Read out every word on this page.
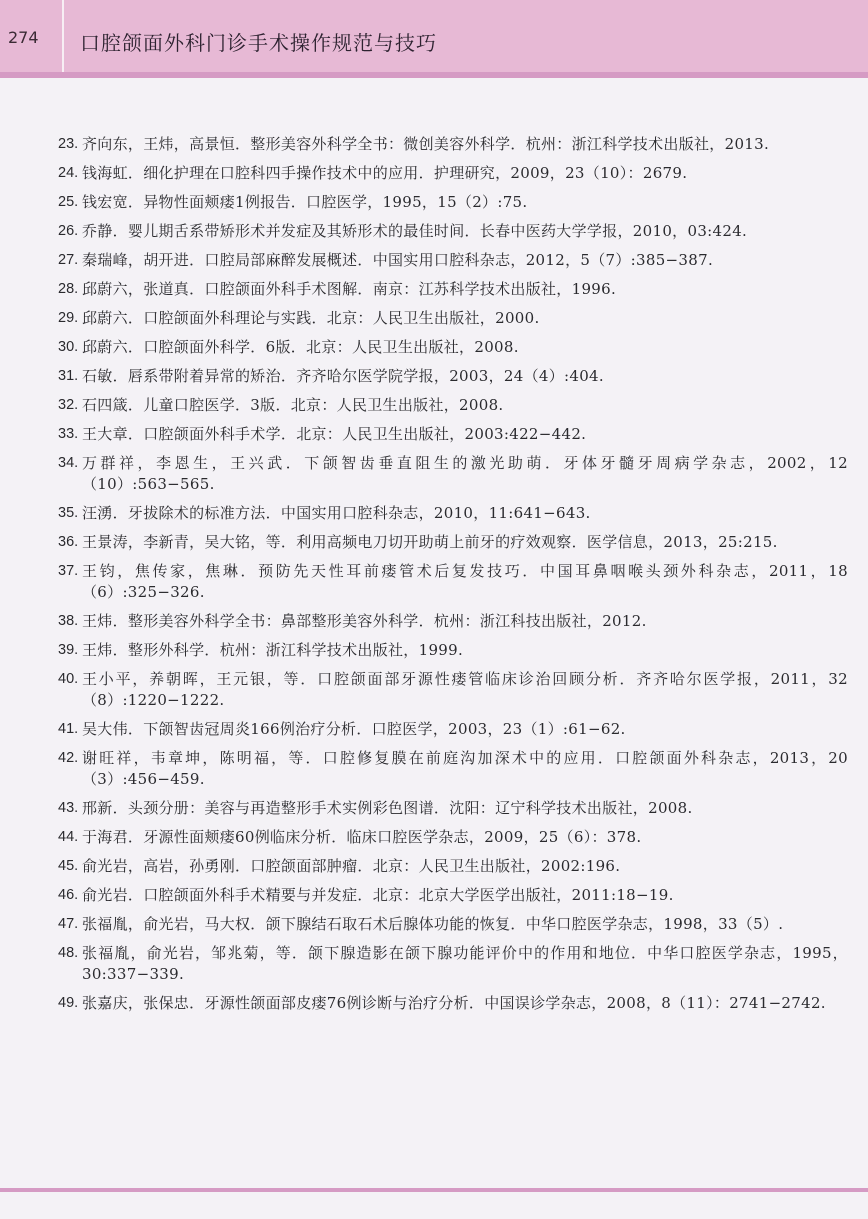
274 口腔颌面外科门诊手术操作规范与技巧
23. 齐向东，王炜，高景恒．整形美容外科学全书：微创美容外科学．杭州：浙江科学技术出版社，2013.
24. 钱海虹．细化护理在口腔科四手操作技术中的应用．护理研究，2009，23（10）：2679.
25. 钱宏宽．异物性面颊瘘1例报告．口腔医学，1995，15（2）:75.
26. 乔静．婴儿期舌系带矫形术并发症及其矫形术的最佳时间．长春中医药大学学报，2010，03:424.
27. 秦瑞峰，胡开进．口腔局部麻醉发展概述．中国实用口腔科杂志，2012，5（7）:385−387.
28. 邱蔚六，张道真．口腔颌面外科手术图解．南京：江苏科学技术出版社，1996.
29. 邱蔚六．口腔颌面外科理论与实践．北京：人民卫生出版社，2000.
30. 邱蔚六．口腔颌面外科学．6版．北京：人民卫生出版社，2008.
31. 石敏．唇系带附着异常的矫治．齐齐哈尔医学院学报，2003，24（4）:404.
32. 石四箴．儿童口腔医学．3版．北京：人民卫生出版社，2008.
33. 王大章．口腔颌面外科手术学．北京：人民卫生出版社，2003:422−442.
34. 万群祥，李恩生，王兴武．下颌智齿垂直阻生的激光助萌．牙体牙髓牙周病学杂志，2002，12（10）:563−565.
35. 汪湧．牙拔除术的标准方法．中国实用口腔科杂志，2010，11:641−643.
36. 王景涛，李新青，吴大铭，等．利用高频电刀切开助萌上前牙的疗效观察．医学信息，2013，25:215.
37. 王钧，焦传家，焦琳．预防先天性耳前瘘管术后复发技巧．中国耳鼻咽喉头颈外科杂志，2011，18（6）:325−326.
38. 王炜．整形美容外科学全书：鼻部整形美容外科学．杭州：浙江科技出版社，2012.
39. 王炜．整形外科学．杭州：浙江科学技术出版社，1999.
40. 王小平，养朝晖，王元银，等．口腔颌面部牙源性瘘管临床诊治回顾分析．齐齐哈尔医学报，2011，32（8）:1220−1222.
41. 吴大伟．下颌智齿冠周炎166例治疗分析．口腔医学，2003，23（1）:61−62.
42. 谢旺祥，韦章坤，陈明福，等．口腔修复膜在前庭沟加深术中的应用．口腔颌面外科杂志，2013，20（3）:456−459.
43. 邢新．头颈分册：美容与再造整形手术实例彩色图谱．沈阳：辽宁科学技术出版社，2008.
44. 于海君．牙源性面颊瘘60例临床分析．临床口腔医学杂志，2009，25（6）：378.
45. 俞光岩，高岩，孙勇刚．口腔颌面部肿瘤．北京：人民卫生出版社，2002:196.
46. 俞光岩．口腔颌面外科手术精要与并发症．北京：北京大学医学出版社，2011:18−19.
47. 张福胤，俞光岩，马大权．颌下腺结石取石术后腺体功能的恢复．中华口腔医学杂志，1998，33（5）.
48. 张福胤，俞光岩，邹兆菊，等．颌下腺造影在颌下腺功能评价中的作用和地位．中华口腔医学杂志，1995，30:337−339.
49. 张嘉庆，张保忠．牙源性颌面部皮瘘76例诊断与治疗分析．中国误诊学杂志，2008，8（11）：2741−2742.
